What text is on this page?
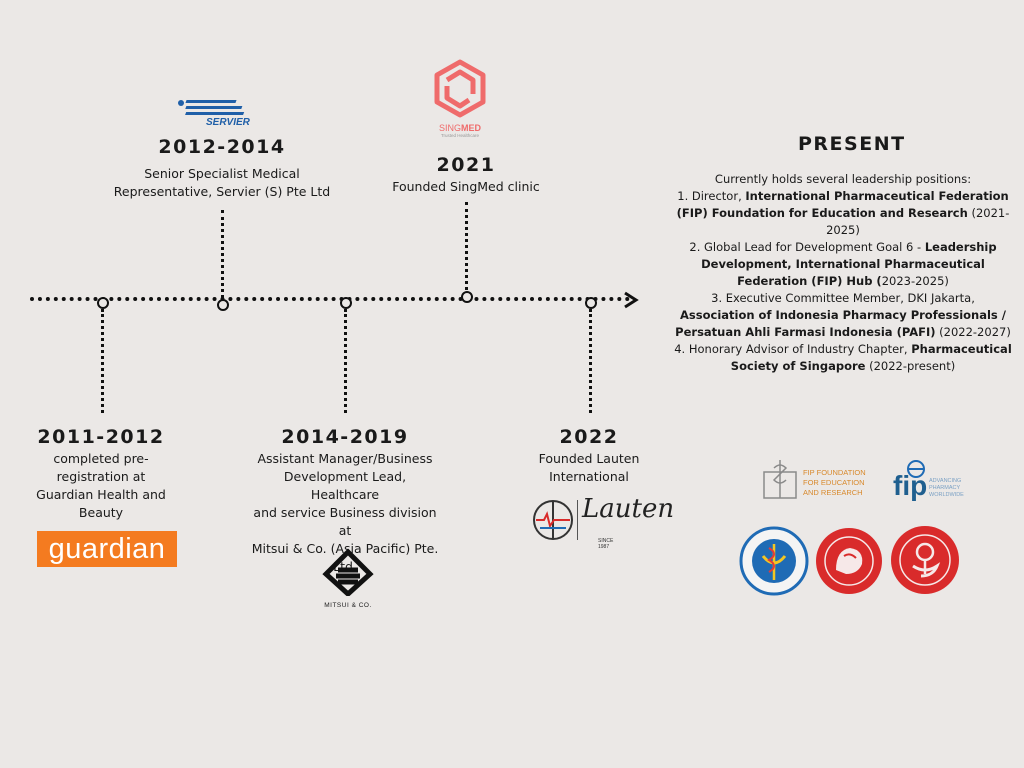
2011-2012
completed pre-
registration at
Guardian Health and
Beauty
guardian
SERVIER
2012-2014
Senior Specialist Medical
Representative, Servier (S) Pte Ltd
2014-2019
Assistant Manager/Business
Development Lead, Healthcare
and service Business division at
Mitsui & Co. (Asia Pacific) Pte.
Ltd.
MITSUI & CO.
SINGMED
Trusted Healthcare
2021
Founded SingMed clinic
2022
Founded Lauten
International
Lauten
SINCE 1987
PRESENT
Currently holds several leadership positions:
1. Director, International Pharmaceutical Federation (FIP) Foundation for Education and Research (2021-2025)
2. Global Lead for Development Goal 6 - Leadership Development, International Pharmaceutical Federation (FIP) Hub (2023-2025)
3. Executive Committee Member, DKI Jakarta, Association of Indonesia Pharmacy Professionals / Persatuan Ahli Farmasi Indonesia (PAFI) (2022-2027)
4. Honorary Advisor of Industry Chapter, Pharmaceutical Society of Singapore (2022-present)
FIP FOUNDATION
FOR EDUCATION
AND RESEARCH	fip ADVANCING
PHARMACY
WORLDWIDE
